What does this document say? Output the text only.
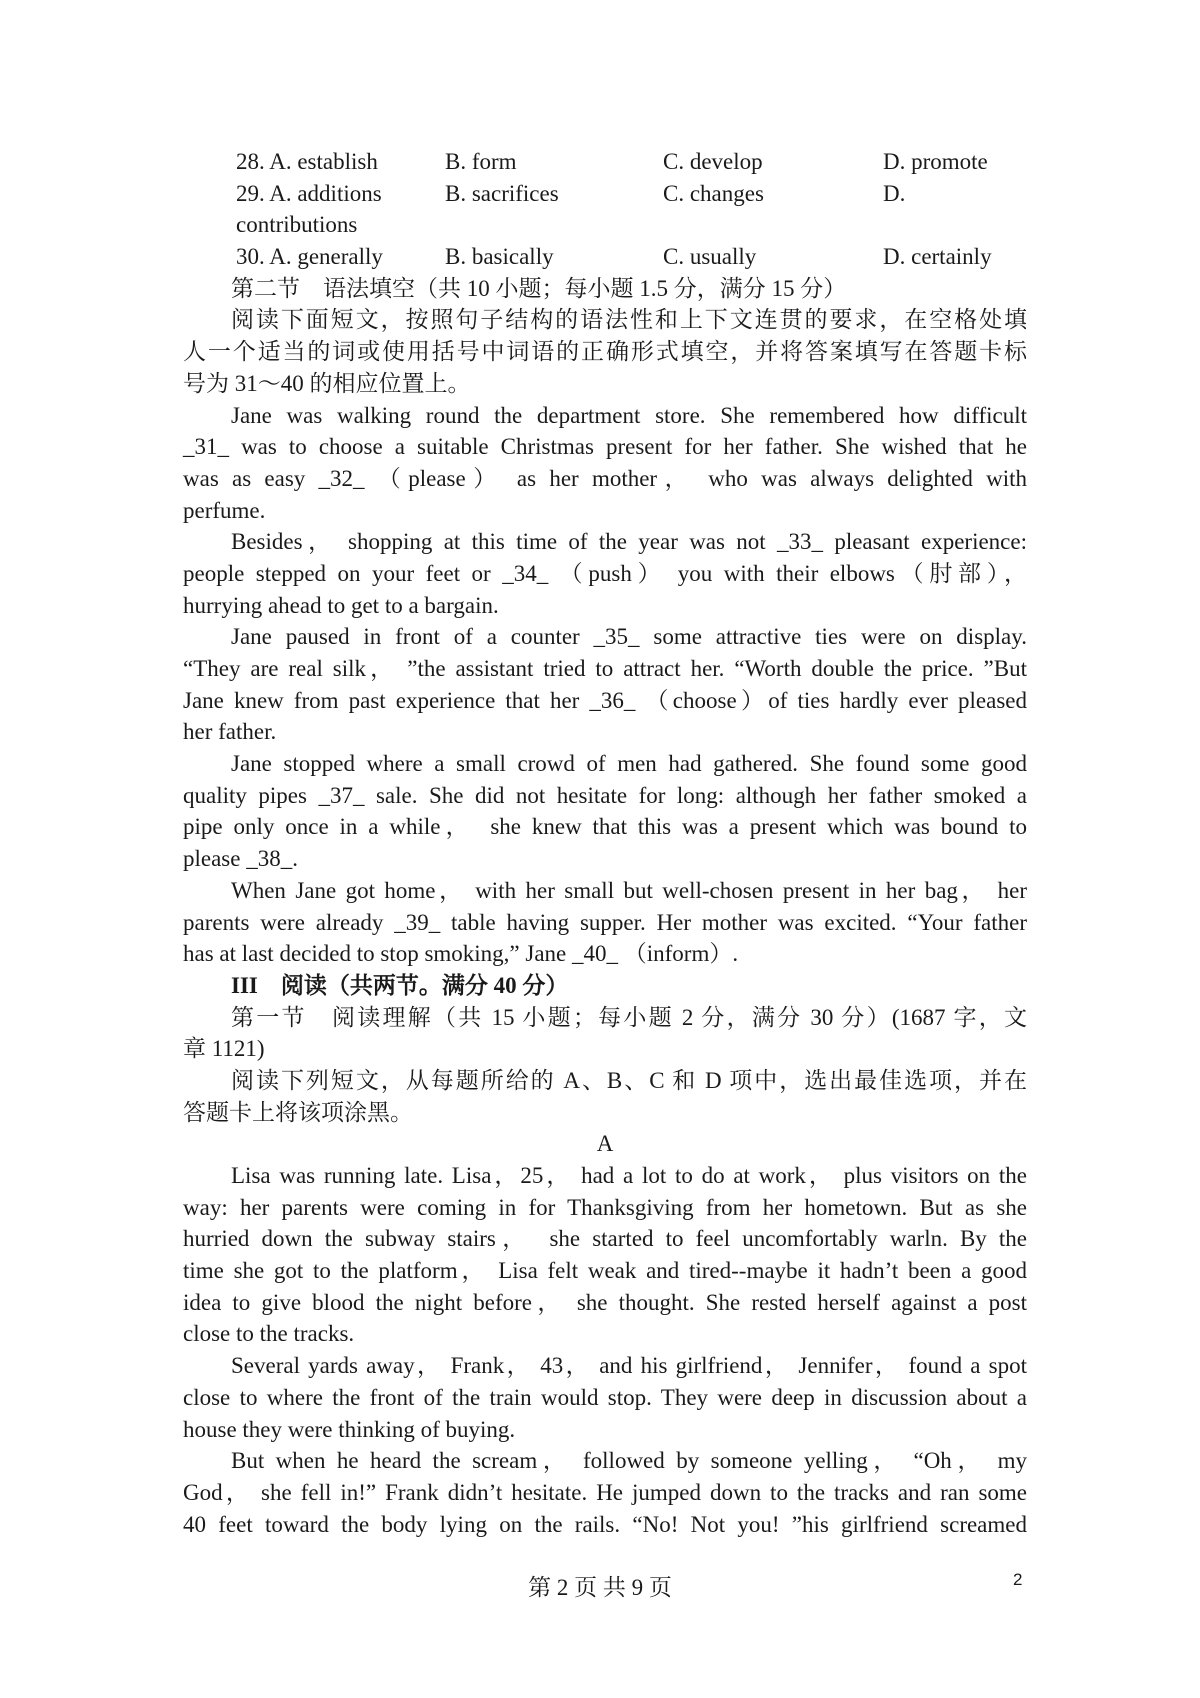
28. A. establish	B. form	C. develop	D. promote
29. A. additions	B. sacrifices	C. changes	D.
contributions
30. A. generally	B. basically	C. usually	D. certainly
第二节　语法填空（共 10 小题；每小题 1.5 分，满分 15 分）
阅读下面短文，按照句子结构的语法性和上下文连贯的要求，在空格处填
人一个适当的词或使用括号中词语的正确形式填空，并将答案填写在答题卡标
号为 31～40 的相应位置上。
Jane was walking round the department store. She remembered how difficult
_31_ was to choose a suitable Christmas present for her father. She wished that he
was as easy _32_ （please） as her mother， who was always delighted with
perfume.
Besides， shopping at this time of the year was not _33_ pleasant experience:
people stepped on your feet or _34_ （push） you with their elbows（肘部），
hurrying ahead to get to a bargain.
Jane paused in front of a counter _35_ some attractive ties were on display.
“They are real silk， ”the assistant tried to attract her. “Worth double the price. ”But
Jane knew from past experience that her _36_ （choose）of ties hardly ever pleased
her father.
Jane stopped where a small crowd of men had gathered. She found some good
quality pipes _37_ sale. She did not hesitate for long: although her father smoked a
pipe only once in a while，　she knew that this was a present which was bound to
please _38_.
When Jane got home， with her small but well-chosen present in her bag， her
parents were already _39_ table having supper. Her mother was excited. “Your father
has at last decided to stop smoking,” Jane _40_ （inform）.
III　阅读（共两节。满分 40 分）
第一节　阅读理解（共 15 小题；每小题 2 分，满分 30 分）(1687 字，文
章 1121)
阅读下列短文，从每题所给的 A、B、C 和 D 项中，选出最佳选项，并在
答题卡上将该项涂黑。
A
Lisa was running late. Lisa，25， had a lot to do at work， plus visitors on the
way: her parents were coming in for Thanksgiving from her hometown. But as she
hurried down the subway stairs，　she started to feel uncomfortably warln. By the
time she got to the platform， Lisa felt weak and tired--maybe it hadn’t been a good
idea to give blood the night before， she thought. She rested herself against a post
close to the tracks.
Several yards away， Frank， 43， and his girlfriend， Jennifer， found a spot
close to where the front of the train would stop. They were deep in discussion about a
house they were thinking of buying.
But when he heard the scream， followed by someone yelling， “Oh， my
God， she fell in!” Frank didn’t hesitate. He jumped down to the tracks and ran some
40 feet toward the body lying on the rails. “No! Not you! ”his girlfriend screamed
第 2 页 共 9 页	2
